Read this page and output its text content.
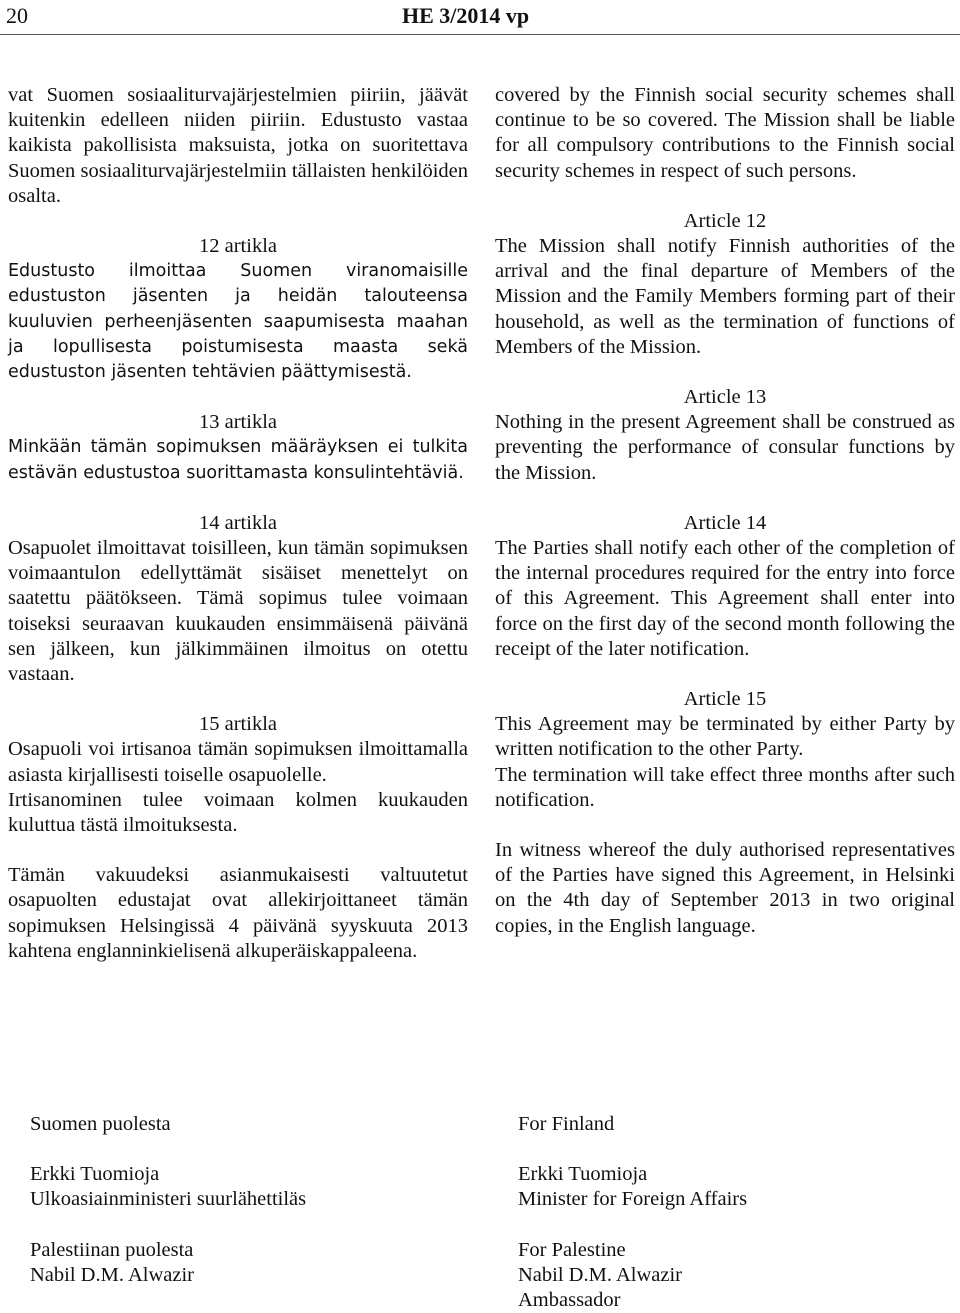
20	HE 3/2014 vp

vat Suomen sosiaaliturvajärjestelmien piiriin, jäävät kuitenkin edelleen niiden piiriin. Edustusto vastaa kaikista pakollisista maksuista, jotka on suoritettava Suomen sosiaaliturvajärjestelmiin tällaisten henkilöiden osalta.

12 artikla

Edustusto ilmoittaa Suomen viranomaisille edustuston jäsenten ja heidän talouteensa kuuluvien perheenjäsenten saapumisesta maahan ja lopullisesta poistumisesta maasta sekä edustuston jäsenten tehtävien päättymisestä.

13 artikla

Minkään tämän sopimuksen määräyksen ei tulkita estävän edustustoa suorittamasta konsulintehtäviä.

14 artikla

Osapuolet ilmoittavat toisilleen, kun tämän sopimuksen voimaantulon edellyttämät sisäiset menettelyt on saatettu päätökseen. Tämä sopimus tulee voimaan toiseksi seuraavan kuukauden ensimmäisenä päivänä sen jälkeen, kun jälkimmäinen ilmoitus on otettu vastaan.

15 artikla

Osapuoli voi irtisanoa tämän sopimuksen ilmoittamalla asiasta kirjallisesti toiselle osapuolelle.

Irtisanominen tulee voimaan kolmen kuukauden kuluttua tästä ilmoituksesta.

Tämän vakuudeksi asianmukaisesti valtuutetut osapuolten edustajat ovat allekirjoittaneet tämän sopimuksen Helsingissä 4 päivänä syyskuuta 2013 kahtena englanninkielisenä alkuperäiskappaleena.

covered by the Finnish social security schemes shall continue to be so covered. The Mission shall be liable for all compulsory contributions to the Finnish social security schemes in respect of such persons.

Article 12

The Mission shall notify Finnish authorities of the arrival and the final departure of Members of the Mission and the Family Members forming part of their household, as well as the termination of functions of Members of the Mission.

Article 13

Nothing in the present Agreement shall be construed as preventing the performance of consular functions by the Mission.

Article 14

The Parties shall notify each other of the completion of the internal procedures required for the entry into force of this Agreement. This Agreement shall enter into force on the first day of the second month following the receipt of the later notification.

Article 15

This Agreement may be terminated by either Party by written notification to the other Party.

The termination will take effect three months after such notification.

In witness whereof the duly authorised representatives of the Parties have signed this Agreement, in Helsinki on the 4th day of September 2013 in two original copies, in the English language.

Suomen puolesta

Erkki Tuomioja

Ulkoasiainministeri suurlähettiläs

Palestiinan puolesta

Nabil D.M. Alwazir

For Finland

Erkki Tuomioja

Minister for Foreign Affairs

For Palestine

Nabil D.M. Alwazir

Ambassador
